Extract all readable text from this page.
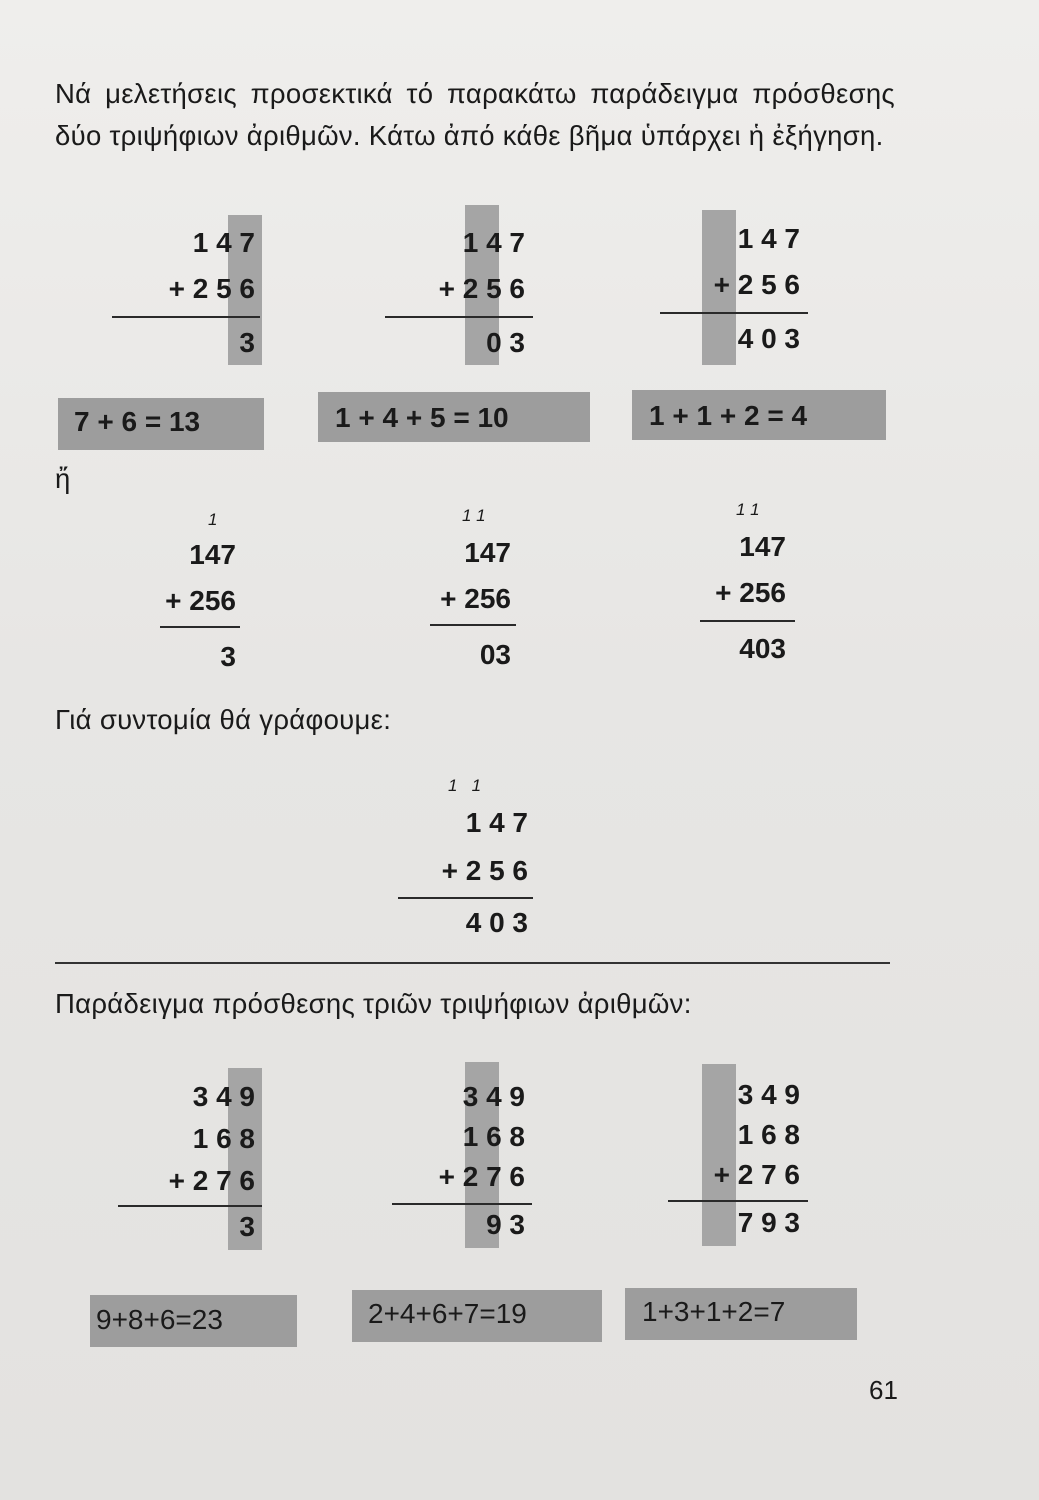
Νά μελετήσεις προσεκτικά τό παρακάτω παράδειγμα πρόσθεσης δύο τριψήφιων ἀριθμῶν. Κάτω ἀπό κάθε βῆμα ὑπάρχει ἡ ἐξήγηση.

1 4 7
+ 2 5 6
3
1 4 7
+ 2 5 6
0 3
1 4 7
+ 2 5 6
4 0 3
7 + 6 = 13	1 + 4 + 5 = 10	1 + 1 + 2 = 4
ἤ
1
147
+ 256
3
1 1
147
+ 256
03
1 1
147
+ 256
403
Γιά συντομία θά γράφουμε:
1   1
1 4 7
+ 2 5 6
4 0 3
Παράδειγμα πρόσθεσης τριῶν τριψήφιων ἀριθμῶν:
3 4 9
1 6 8
+ 2 7 6
3
3 4 9
1 6 8
+ 2 7 6
9 3
3 4 9
1 6 8
+ 2 7 6
7 9 3
9+8+6=23	2+4+6+7=19	1+3+1+2=7
61
